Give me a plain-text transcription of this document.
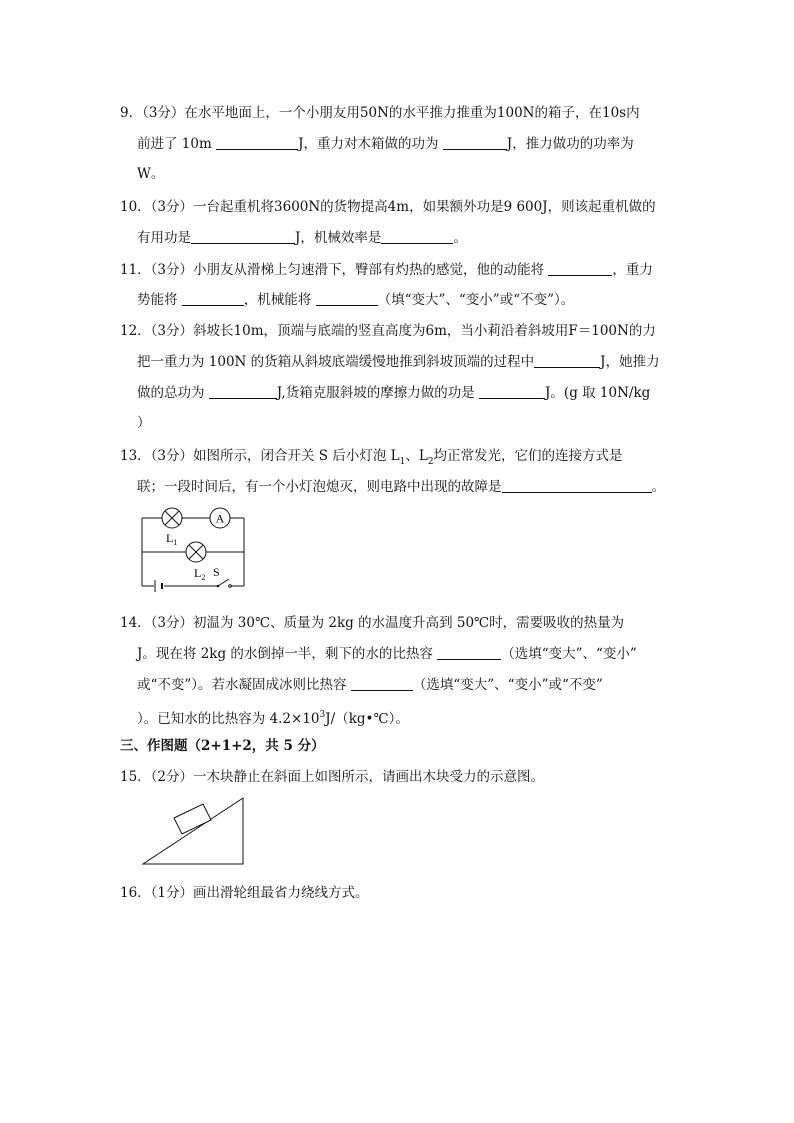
9．（3分）在水平地面上，一个小朋友用50N的水平推力推重为100N的箱子，在10s内
前进了 10m	J，重力对木箱做的功为	J，推力做功的功率为
W。
10．（3分）一台起重机将3600N的货物提高4m，如果额外功是9 600J，则该起重机做的
有用功是	J，机械效率是	。
11．（3分）小朋友从滑梯上匀速滑下，臀部有灼热的感觉，他的动能将	，重力
势能将	，机械能将	（填“变大”、“变小”或“不变”）。
12．（3分）斜坡长10m，顶端与底端的竖直高度为6m，当小莉沿着斜坡用F＝100N的力
把一重力为 100N 的货箱从斜坡底端缓慢地推到斜坡顶端的过程中	J，她推力
做的总功为	J,货箱克服斜坡的摩擦力做的功是	J。(g 取 10N/kg
）
13．（3分）如图所示，闭合开关 S 后小灯泡 $L_1$、$L_2$均正常发光，它们的连接方式是
联；一段时间后，有一个小灯泡熄灭，则电路中出现的故障是	。
A
$L_1$
$L_2$ S
14．（3分）初温为 30℃、质量为 2kg 的水温度升高到 50℃时，需要吸收的热量为
J。现在将 2kg 的水倒掉一半，剩下的水的比热容	（选填“变大”、“变小”
或“不变”）。若水凝固成冰则比热容	（选填“变大”、“变小”或“不变”
）。已知水的比热容为 $4.2\times 10^3J/(kg•℃)$。
三、作图题（2+1+2，共 5 分）
15．（2分）一木块静止在斜面上如图所示，请画出木块受力的示意图。
16．（1分）画出滑轮组最省力绕线方式。
